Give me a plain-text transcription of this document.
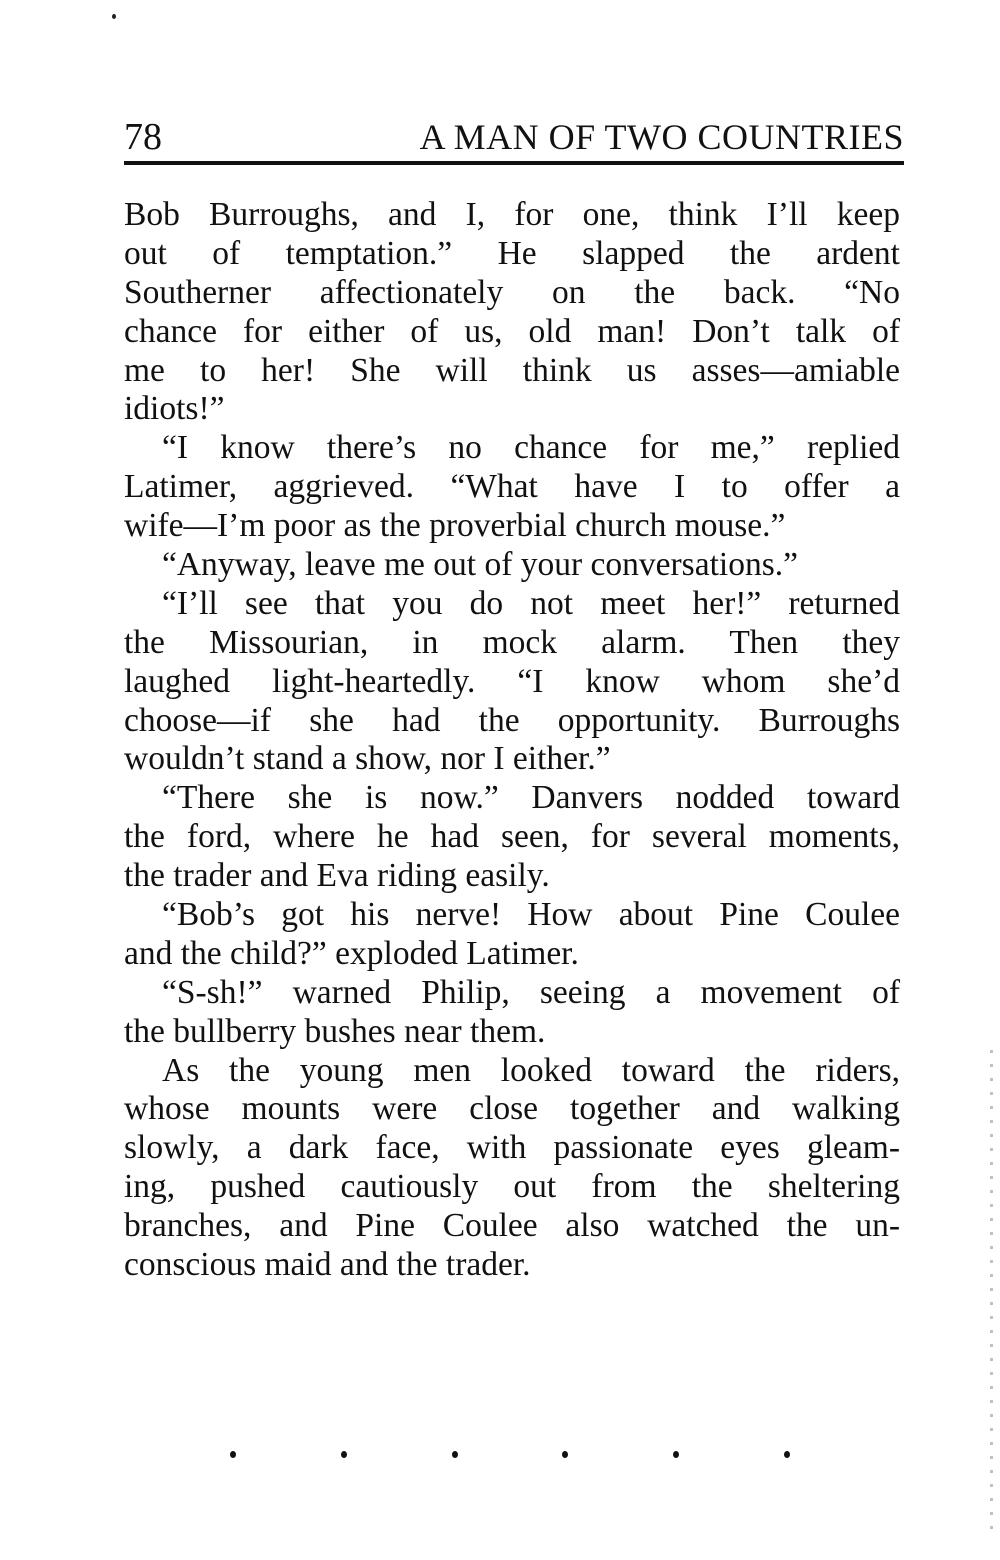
78	A MAN OF TWO COUNTRIES
Bob Burroughs, and I, for one, think I’ll keep
out of temptation.” He slapped the ardent
Southerner affectionately on the back. “No
chance for either of us, old man! Don’t talk of
me to her! She will think us asses—amiable
idiots!”
“I know there’s no chance for me,” replied
Latimer, aggrieved. “What have I to offer a
wife—I’m poor as the proverbial church mouse.”
“Anyway, leave me out of your conversations.”
“I’ll see that you do not meet her!” returned
the Missourian, in mock alarm. Then they
laughed light-heartedly. “I know whom she’d
choose—if she had the opportunity. Burroughs
wouldn’t stand a show, nor I either.”
“There she is now.” Danvers nodded toward
the ford, where he had seen, for several moments,
the trader and Eva riding easily.
“Bob’s got his nerve! How about Pine Coulee
and the child?” exploded Latimer.
“S-sh!” warned Philip, seeing a movement of
the bullberry bushes near them.
As the young men looked toward the riders,
whose mounts were close together and walking
slowly, a dark face, with passionate eyes gleam-
ing, pushed cautiously out from the sheltering
branches, and Pine Coulee also watched the un-
conscious maid and the trader.
